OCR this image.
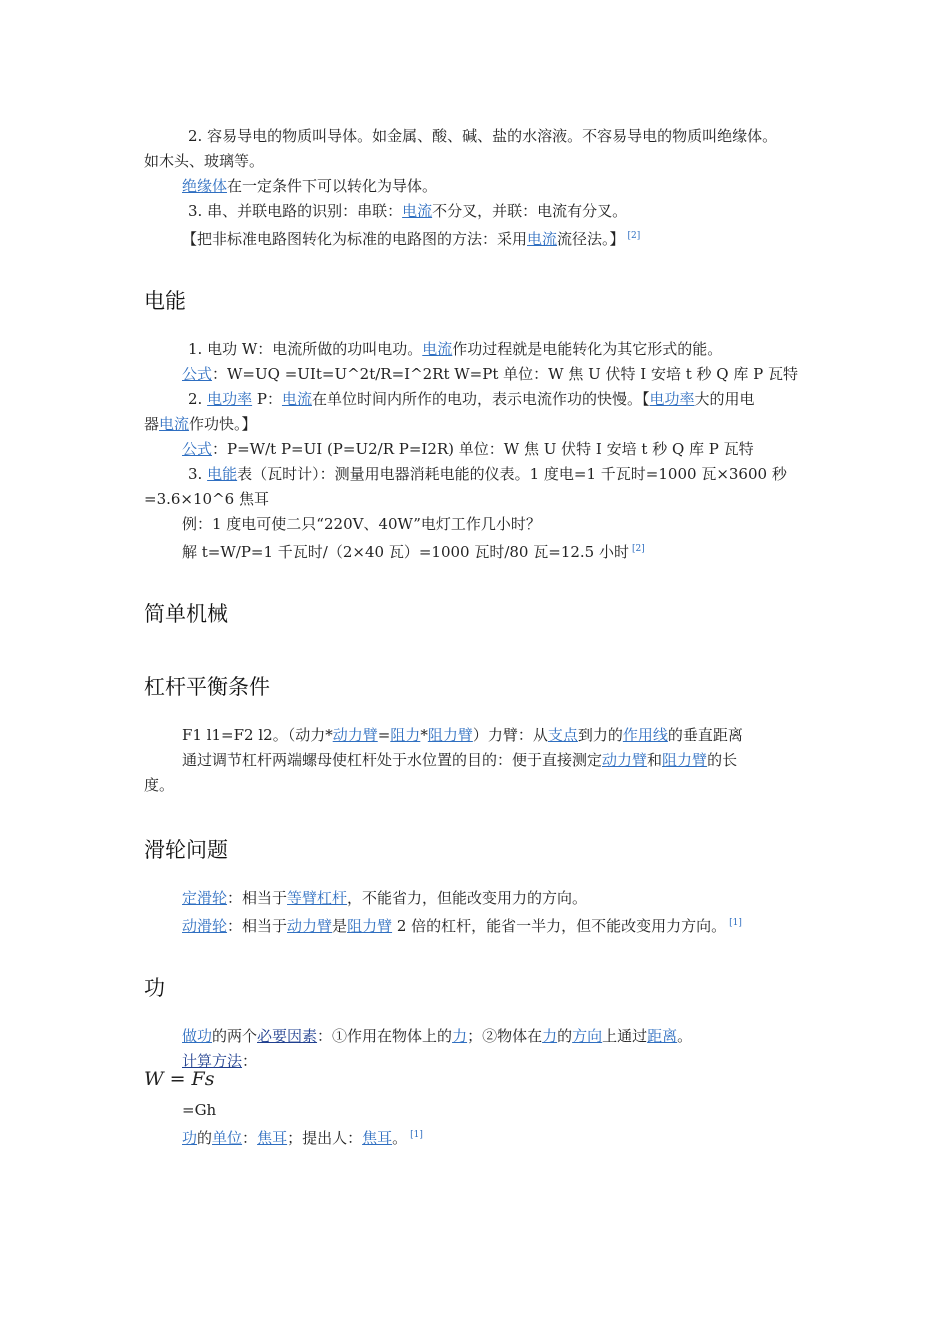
2. 容易导电的物质叫导体。如金属、酸、碱、盐的水溶液。不容易导电的物质叫绝缘体。
如木头、玻璃等。
绝缘体在一定条件下可以转化为导体。
3. 串、并联电路的识别：串联：电流不分叉，并联：电流有分叉。
【把非标准电路图转化为标准的电路图的方法：采用电流流径法。】 [2]
电能
1. 电功 W：电流所做的功叫电功。电流作功过程就是电能转化为其它形式的能。
公式：W=UQ =UIt=U^2t/R=I^2Rt W=Pt 单位：W 焦 U 伏特 I 安培 t 秒 Q 库 P 瓦特
2. 电功率 P：电流在单位时间内所作的电功，表示电流作功的快慢。【电功率大的用电
器电流作功快。】
公式：P=W/t P=UI (P=U2/R P=I2R) 单位：W 焦 U 伏特 I 安培 t 秒 Q 库 P 瓦特
3. 电能表（瓦时计）：测量用电器消耗电能的仪表。1 度电=1 千瓦时=1000 瓦×3600 秒
=3.6×10^6 焦耳
例：1 度电可使二只“220V、40W”电灯工作几小时？
解 t=W/P=1 千瓦时/（2×40 瓦）=1000 瓦时/80 瓦=12.5 小时 [2]
简单机械
杠杆平衡条件
F1 l1=F2 l2。（动力*动力臂=阻力*阻力臂）力臂：从支点到力的作用线的垂直距离
通过调节杠杆两端螺母使杠杆处于水位置的目的：便于直接测定动力臂和阻力臂的长
度。
滑轮问题
定滑轮：相当于等臂杠杆，不能省力，但能改变用力的方向。
动滑轮：相当于动力臂是阻力臂 2 倍的杠杆，能省一半力，但不能改变用力方向。 [1]
功
做功的两个必要因素：①作用在物体上的力；②物体在力的方向上通过距离。
计算方法：
W = Fs
=Gh
功的单位：焦耳；提出人：焦耳。 [1]
